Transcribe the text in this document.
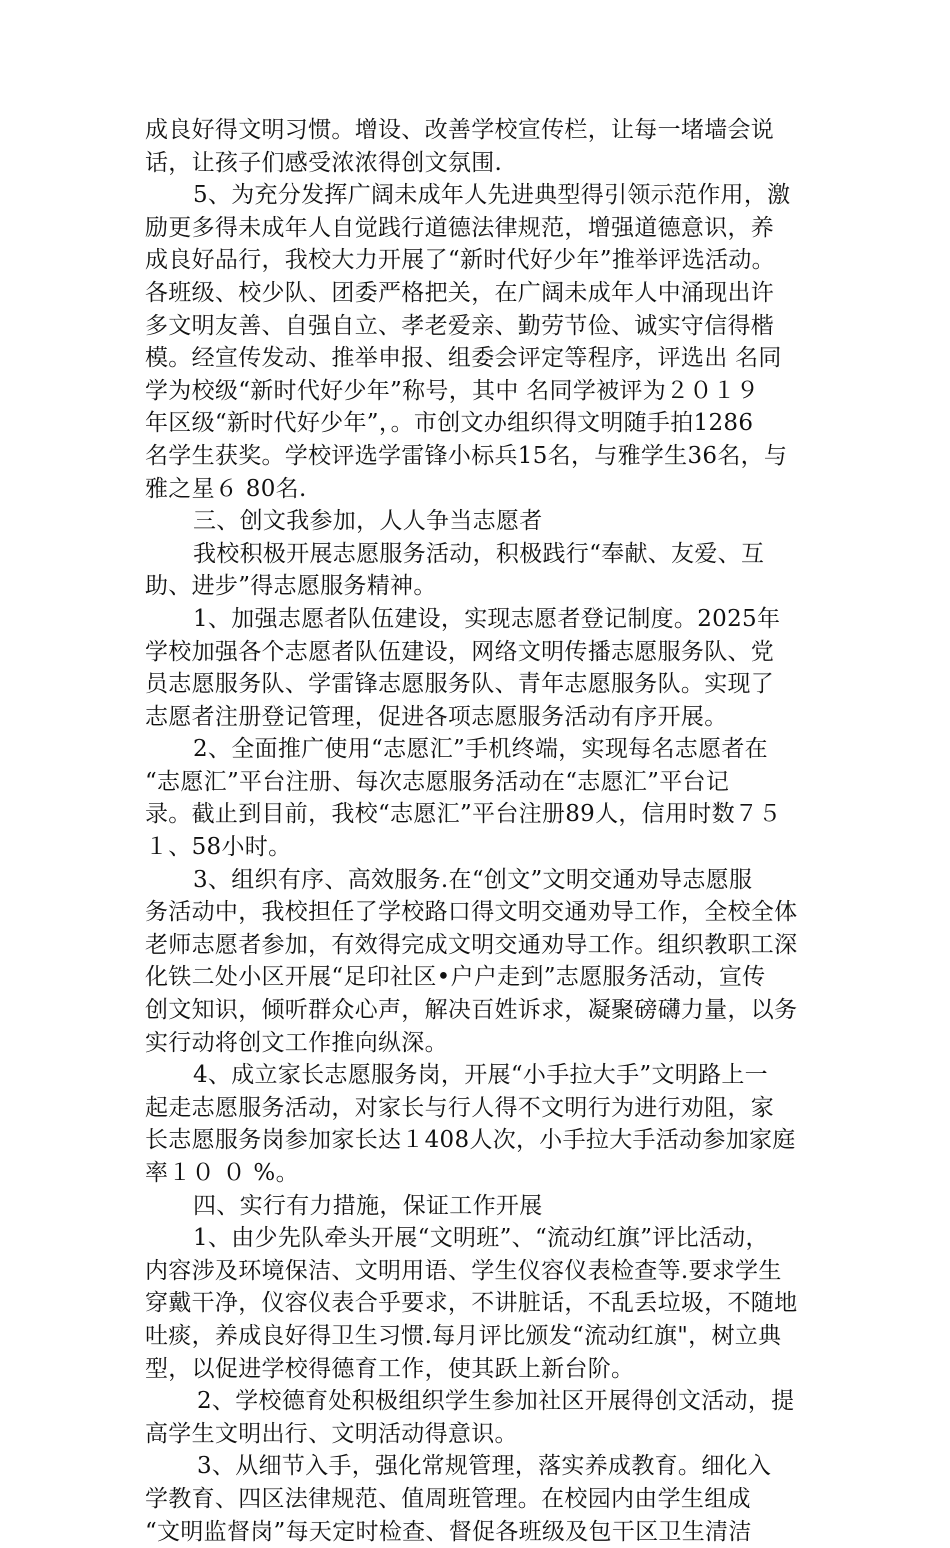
成良好得文明习惯。增设、改善学校宣传栏，让每一堵墙会说
话，让孩子们感受浓浓得创文氛围.
5、为充分发挥广阔未成年人先进典型得引领示范作用，激
励更多得未成年人自觉践行道德法律规范，增强道德意识，养
成良好品行，我校大力开展了“新时代好少年”推举评选活动。
各班级、校少队、团委严格把关，在广阔未成年人中涌现出许
多文明友善、自强自立、孝老爱亲、勤劳节俭、诚实守信得楷
模。经宣传发动、推举申报、组委会评定等程序，评选出 名同
学为校级“新时代好少年”称号，其中 名同学被评为２０１９
年区级“新时代好少年”，。市创文办组织得文明随手拍1286
名学生获奖。学校评选学雷锋小标兵15名，与雅学生36名，与
雅之星６ 80名.
三、创文我参加，人人争当志愿者
我校积极开展志愿服务活动，积极践行“奉献、友爱、互
助、进步”得志愿服务精神。
1、加强志愿者队伍建设，实现志愿者登记制度。2025年
学校加强各个志愿者队伍建设，网络文明传播志愿服务队、党
员志愿服务队、学雷锋志愿服务队、青年志愿服务队。实现了
志愿者注册登记管理，促进各项志愿服务活动有序开展。
2、全面推广使用“志愿汇”手机终端，实现每名志愿者在
“志愿汇”平台注册、每次志愿服务活动在“志愿汇”平台记
录。截止到目前，我校“志愿汇”平台注册89人，信用时数７５
１、58小时。
3、组织有序、高效服务.在“创文”文明交通劝导志愿服
务活动中，我校担任了学校路口得文明交通劝导工作，全校全体
老师志愿者参加，有效得完成文明交通劝导工作。组织教职工深
化铁二处小区开展“足印社区•户户走到”志愿服务活动，宣传
创文知识，倾听群众心声，解决百姓诉求，凝聚磅礴力量，以务
实行动将创文工作推向纵深。
4、成立家长志愿服务岗，开展“小手拉大手”文明路上一
起走志愿服务活动，对家长与行人得不文明行为进行劝阻，家
长志愿服务岗参加家长达１408人次，小手拉大手活动参加家庭
率１０ ０ %。
四、实行有力措施，保证工作开展
1、由少先队牵头开展“文明班”、“流动红旗”评比活动，
内容涉及环境保洁、文明用语、学生仪容仪表检查等.要求学生
穿戴干净，仪容仪表合乎要求，不讲脏话，不乱丢垃圾，不随地
吐痰，养成良好得卫生习惯.每月评比颁发“流动红旗"，树立典
型，以促进学校得德育工作，使其跃上新台阶。
2、学校德育处积极组织学生参加社区开展得创文活动，提
高学生文明出行、文明活动得意识。
3、从细节入手，强化常规管理，落实养成教育。细化入
学教育、四区法律规范、值周班管理。在校园内由学生组成
“文明监督岗”每天定时检查、督促各班级及包干区卫生清洁
